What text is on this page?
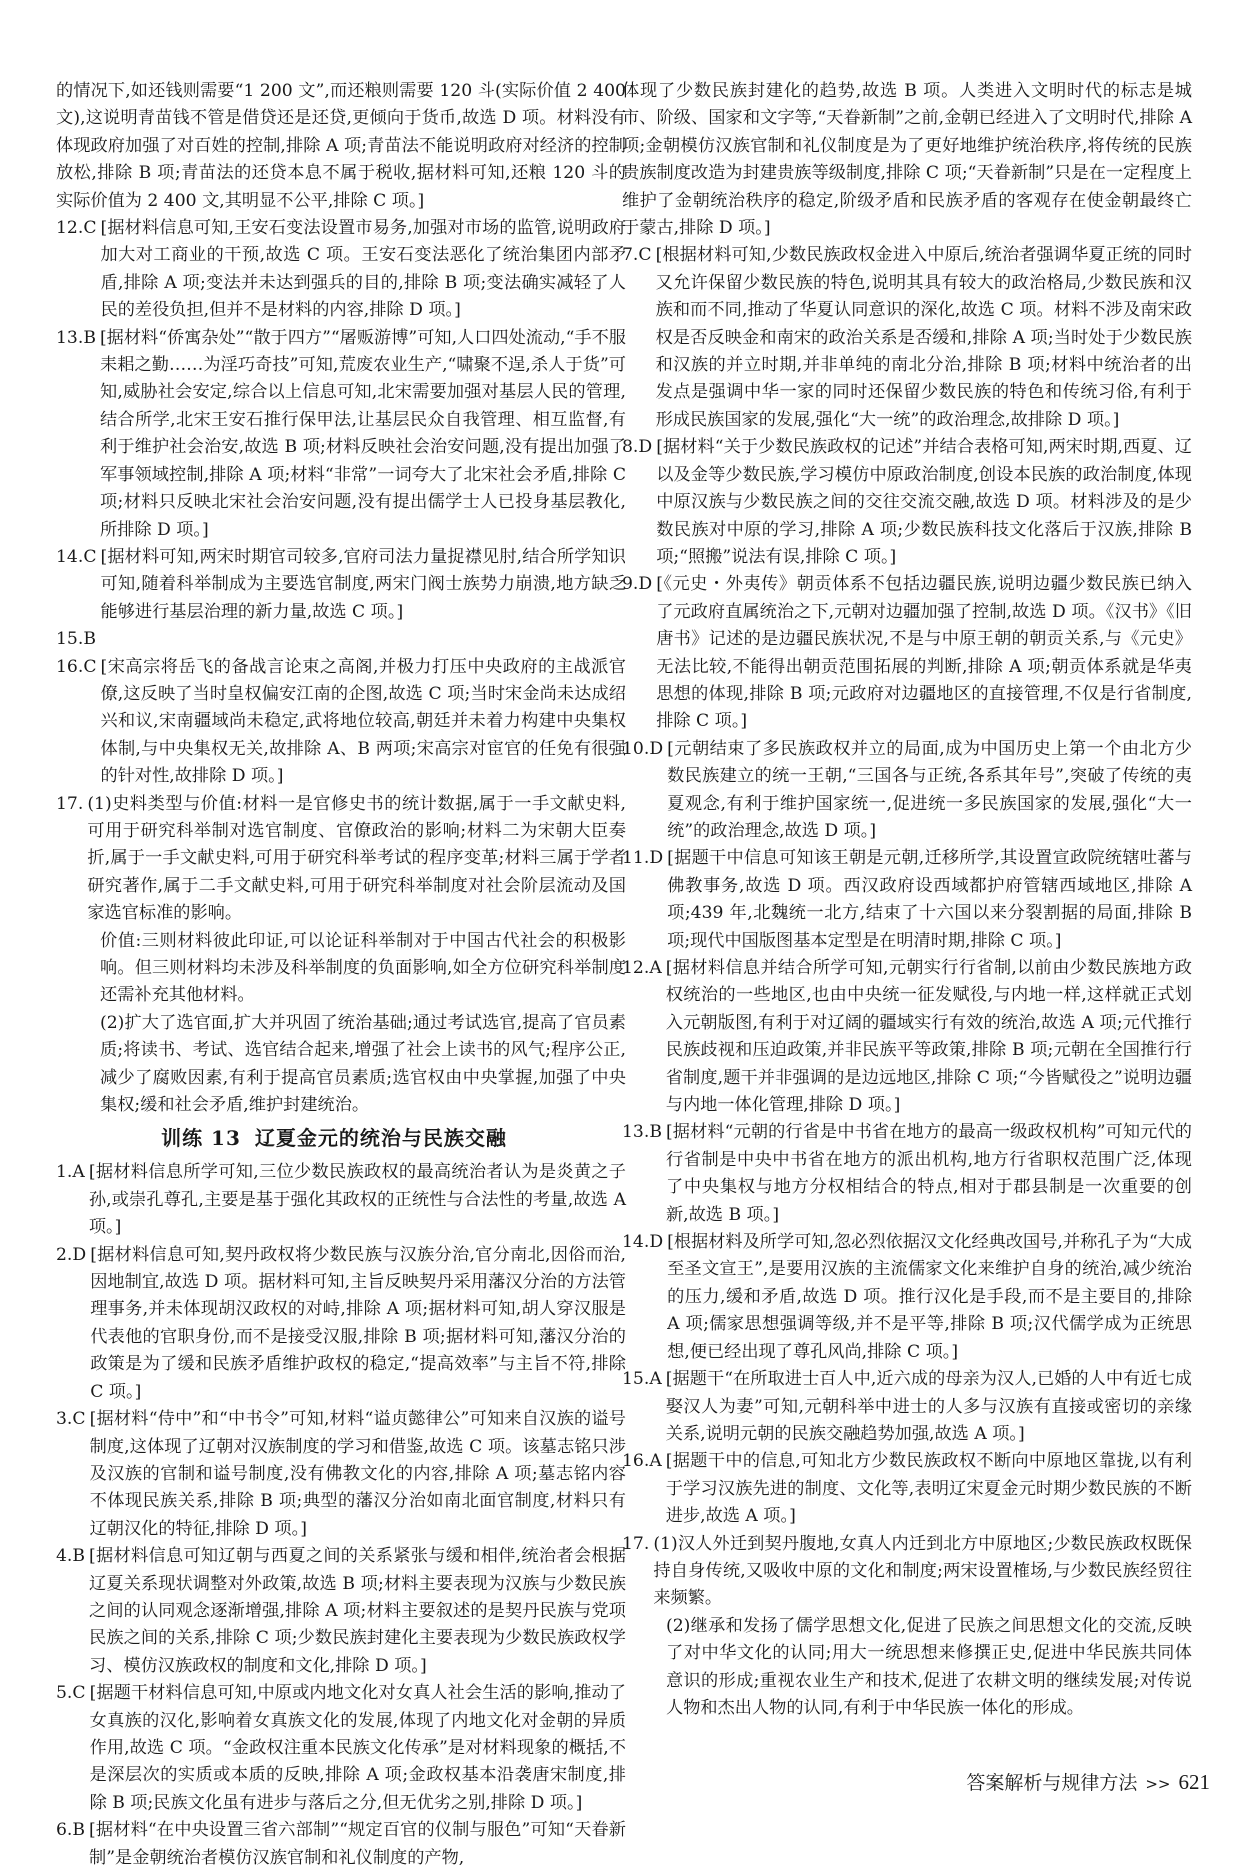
的情况下,如还钱则需要“1 200 文”,而还粮则需要 120 斗(实际价值 2 400 文),这说明青苗钱不管是借贷还是还贷,更倾向于货币,故选 D 项。材料没有体现政府加强了对百姓的控制,排除 A 项;青苗法不能说明政府对经济的控制放松,排除 B 项;青苗法的还贷本息不属于税收,据材料可知,还粮 120 斗的实际价值为 2 400 文,其明显不公平,排除 C 项。]

12.C [据材料信息可知,王安石变法设置市易务,加强对市场的监管,说明政府加大对工商业的干预,故选 C 项。王安石变法恶化了统治集团内部矛盾,排除 A 项;变法并未达到强兵的目的,排除 B 项;变法确实减轻了人民的差役负担,但并不是材料的内容,排除 D 项。]
13.B [据材料“侨寓杂处”“散于四方”“屠贩游博”可知,人口四处流动,“手不服耒耜之勤……为淫巧奇技”可知,荒废农业生产,“啸聚不逞,杀人于货”可知,威胁社会安定,综合以上信息可知,北宋需要加强对基层人民的管理,结合所学,北宋王安石推行保甲法,让基层民众自我管理、相互监督,有利于维护社会治安,故选 B 项;材料反映社会治安问题,没有提出加强了军事领域控制,排除 A 项;材料“非常”一词夸大了北宋社会矛盾,排除 C 项;材料只反映北宋社会治安问题,没有提出儒学士人已投身基层教化,所排除 D 项。]
14.C [据材料可知,两宋时期官司较多,官府司法力量捉襟见肘,结合所学知识可知,随着科举制成为主要选官制度,两宋门阀士族势力崩溃,地方缺乏能够进行基层治理的新力量,故选 C 项。]
15.B
16.C [宋高宗将岳飞的备战言论束之高阁,并极力打压中央政府的主战派官僚,这反映了当时皇权偏安江南的企图,故选 C 项;当时宋金尚未达成绍兴和议,宋南疆域尚未稳定,武将地位较高,朝廷并未着力构建中央集权体制,与中央集权无关,故排除 A、B 两项;宋高宗对宦官的任免有很强的针对性,故排除 D 项。]
17. (1)史料类型与价值:材料一是官修史书的统计数据,属于一手文献史料,可用于研究科举制对选官制度、官僚政治的影响;材料二为宋朝大臣奏折,属于一手文献史料,可用于研究科举考试的程序变革;材料三属于学者研究著作,属于二手文献史料,可用于研究科举制度对社会阶层流动及国家选官标准的影响。

价值:三则材料彼此印证,可以论证科举制对于中国古代社会的积极影响。但三则材料均未涉及科举制度的负面影响,如全方位研究科举制度还需补充其他材料。

(2)扩大了选官面,扩大并巩固了统治基础;通过考试选官,提高了官员素质;将读书、考试、选官结合起来,增强了社会上读书的风气;程序公正,减少了腐败因素,有利于提高官员素质;选官权由中央掌握,加强了中央集权;缓和社会矛盾,维护封建统治。

训练 13 辽夏金元的统治与民族交融
1.A [据材料信息所学可知,三位少数民族政权的最高统治者认为是炎黄之子孙,或崇孔尊孔,主要是基于强化其政权的正统性与合法性的考量,故选 A 项。]
2.D [据材料信息可知,契丹政权将少数民族与汉族分治,官分南北,因俗而治,因地制宜,故选 D 项。据材料可知,主旨反映契丹采用藩汉分治的方法管理事务,并未体现胡汉政权的对峙,排除 A 项;据材料可知,胡人穿汉服是代表他的官职身份,而不是接受汉服,排除 B 项;据材料可知,藩汉分治的政策是为了缓和民族矛盾维护政权的稳定,“提高效率”与主旨不符,排除 C 项。]
3.C [据材料“侍中”和“中书令”可知,材料“谥贞懿律公”可知来自汉族的谥号制度,这体现了辽朝对汉族制度的学习和借鉴,故选 C 项。该墓志铭只涉及汉族的官制和谥号制度,没有佛教文化的内容,排除 A 项;墓志铭内容不体现民族关系,排除 B 项;典型的藩汉分治如南北面官制度,材料只有辽朝汉化的特征,排除 D 项。]
4.B [据材料信息可知辽朝与西夏之间的关系紧张与缓和相伴,统治者会根据辽夏关系现状调整对外政策,故选 B 项;材料主要表现为汉族与少数民族之间的认同观念逐渐增强,排除 A 项;材料主要叙述的是契丹民族与党项民族之间的关系,排除 C 项;少数民族封建化主要表现为少数民族政权学习、模仿汉族政权的制度和文化,排除 D 项。]
5.C [据题干材料信息可知,中原或内地文化对女真人社会生活的影响,推动了女真族的汉化,影响着女真族文化的发展,体现了内地文化对金朝的异质作用,故选 C 项。“金政权注重本民族文化传承”是对材料现象的概括,不是深层次的实质或本质的反映,排除 A 项;金政权基本沿袭唐宋制度,排除 B 项;民族文化虽有进步与落后之分,但无优劣之别,排除 D 项。]
6.B [据材料“在中央设置三省六部制”“规定百官的仪制与服色”可知“天眷新制”是金朝统治者模仿汉族官制和礼仪制度的产物,

体现了少数民族封建化的趋势,故选 B 项。人类进入文明时代的标志是城市、阶级、国家和文字等,“天眷新制”之前,金朝已经进入了文明时代,排除 A 项;金朝模仿汉族官制和礼仪制度是为了更好地维护统治秩序,将传统的民族贵族制度改造为封建贵族等级制度,排除 C 项;“天眷新制”只是在一定程度上维护了金朝统治秩序的稳定,阶级矛盾和民族矛盾的客观存在使金朝最终亡于蒙古,排除 D 项。]

7.C [根据材料可知,少数民族政权金进入中原后,统治者强调华夏正统的同时又允许保留少数民族的特色,说明其具有较大的政治格局,少数民族和汉族和而不同,推动了华夏认同意识的深化,故选 C 项。材料不涉及南宋政权是否反映金和南宋的政治关系是否缓和,排除 A 项;当时处于少数民族和汉族的并立时期,并非单纯的南北分治,排除 B 项;材料中统治者的出发点是强调中华一家的同时还保留少数民族的特色和传统习俗,有利于形成民族国家的发展,强化“大一统”的政治理念,故排除 D 项。]
8.D [据材料“关于少数民族政权的记述”并结合表格可知,两宋时期,西夏、辽以及金等少数民族,学习模仿中原政治制度,创设本民族的政治制度,体现中原汉族与少数民族之间的交往交流交融,故选 D 项。材料涉及的是少数民族对中原的学习,排除 A 项;少数民族科技文化落后于汉族,排除 B 项;“照搬”说法有误,排除 C 项。]
9.D [《元史・外夷传》朝贡体系不包括边疆民族,说明边疆少数民族已纳入了元政府直属统治之下,元朝对边疆加强了控制,故选 D 项。《汉书》《旧唐书》记述的是边疆民族状况,不是与中原王朝的朝贡关系,与《元史》无法比较,不能得出朝贡范围拓展的判断,排除 A 项;朝贡体系就是华夷思想的体现,排除 B 项;元政府对边疆地区的直接管理,不仅是行省制度,排除 C 项。]
10.D [元朝结束了多民族政权并立的局面,成为中国历史上第一个由北方少数民族建立的统一王朝,“三国各与正统,各系其年号”,突破了传统的夷夏观念,有利于维护国家统一,促进统一多民族国家的发展,强化“大一统”的政治理念,故选 D 项。]
11.D [据题干中信息可知该王朝是元朝,迁移所学,其设置宣政院统辖吐蕃与佛教事务,故选 D 项。西汉政府设西域都护府管辖西域地区,排除 A 项;439 年,北魏统一北方,结束了十六国以来分裂割据的局面,排除 B 项;现代中国版图基本定型是在明清时期,排除 C 项。]
12.A [据材料信息并结合所学可知,元朝实行行省制,以前由少数民族地方政权统治的一些地区,也由中央统一征发赋役,与内地一样,这样就正式划入元朝版图,有利于对辽阔的疆域实行有效的统治,故选 A 项;元代推行民族歧视和压迫政策,并非民族平等政策,排除 B 项;元朝在全国推行行省制度,题干并非强调的是边远地区,排除 C 项;“今皆赋役之”说明边疆与内地一体化管理,排除 D 项。]
13.B [据材料“元朝的行省是中书省在地方的最高一级政权机构”可知元代的行省制是中央中书省在地方的派出机构,地方行省职权范围广泛,体现了中央集权与地方分权相结合的特点,相对于郡县制是一次重要的创新,故选 B 项。]
14.D [根据材料及所学可知,忽必烈依据汉文化经典改国号,并称孔子为“大成至圣文宣王”,是要用汉族的主流儒家文化来维护自身的统治,减少统治的压力,缓和矛盾,故选 D 项。推行汉化是手段,而不是主要目的,排除 A 项;儒家思想强调等级,并不是平等,排除 B 项;汉代儒学成为正统思想,便已经出现了尊孔风尚,排除 C 项。]
15.A [据题干“在所取进士百人中,近六成的母亲为汉人,已婚的人中有近七成娶汉人为妻”可知,元朝科举中进士的人多与汉族有直接或密切的亲缘关系,说明元朝的民族交融趋势加强,故选 A 项。]
16.A [据题干中的信息,可知北方少数民族政权不断向中原地区靠拢,以有利于学习汉族先进的制度、文化等,表明辽宋夏金元时期少数民族的不断进步,故选 A 项。]
17. (1)汉人外迁到契丹腹地,女真人内迁到北方中原地区;少数民族政权既保持自身传统,又吸收中原的文化和制度;两宋设置榷场,与少数民族经贸往来频繁。

(2)继承和发扬了儒学思想文化,促进了民族之间思想文化的交流,反映了对中华文化的认同;用大一统思想来修撰正史,促进中华民族共同体意识的形成;重视农业生产和技术,促进了农耕文明的继续发展;对传说人物和杰出人物的认同,有利于中华民族一体化的形成。

答案解析与规律方法 >> 621
